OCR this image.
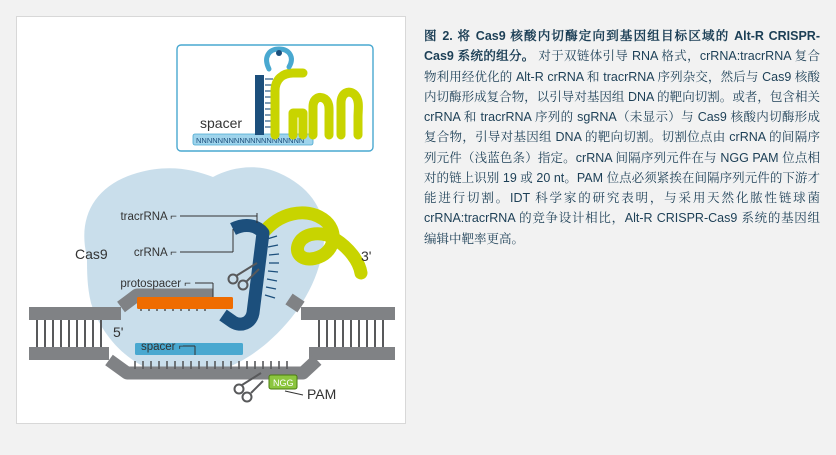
spacer
NNNNNNNNNNNNNNNNNNNN
NGG
tracrRNA ⌐
crRNA ⌐
Cas9
protospacer ⌐
spacer ⌐
5'
3'
PAM
图 2. 将 Cas9 核酸内切酶定向到基因组目标区域的 Alt-R CRISPR-Cas9 系统的组分。 对于双链体引导 RNA 格式，crRNA:tracrRNA 复合物利用经优化的 Alt-R crRNA 和 tracrRNA 序列杂交，然后与 Cas9 核酸内切酶形成复合物，以引导对基因组 DNA 的靶向切割。或者，包含相关 crRNA 和 tracrRNA 序列的 sgRNA（未显示）与 Cas9 核酸内切酶形成复合物，引导对基因组 DNA 的靶向切割。切割位点由 crRNA 的间隔序列元件（浅蓝色条）指定。crRNA 间隔序列元件在与 NGG PAM 位点相对的链上识别 19 或 20 nt。PAM 位点必须紧挨在间隔序列元件的下游才能进行切割。IDT 科学家的研究表明，与采用天然化脓性链球菌 crRNA:tracrRNA 的竞争设计相比，Alt-R CRISPR-Cas9 系统的基因组编辑中靶率更高。
